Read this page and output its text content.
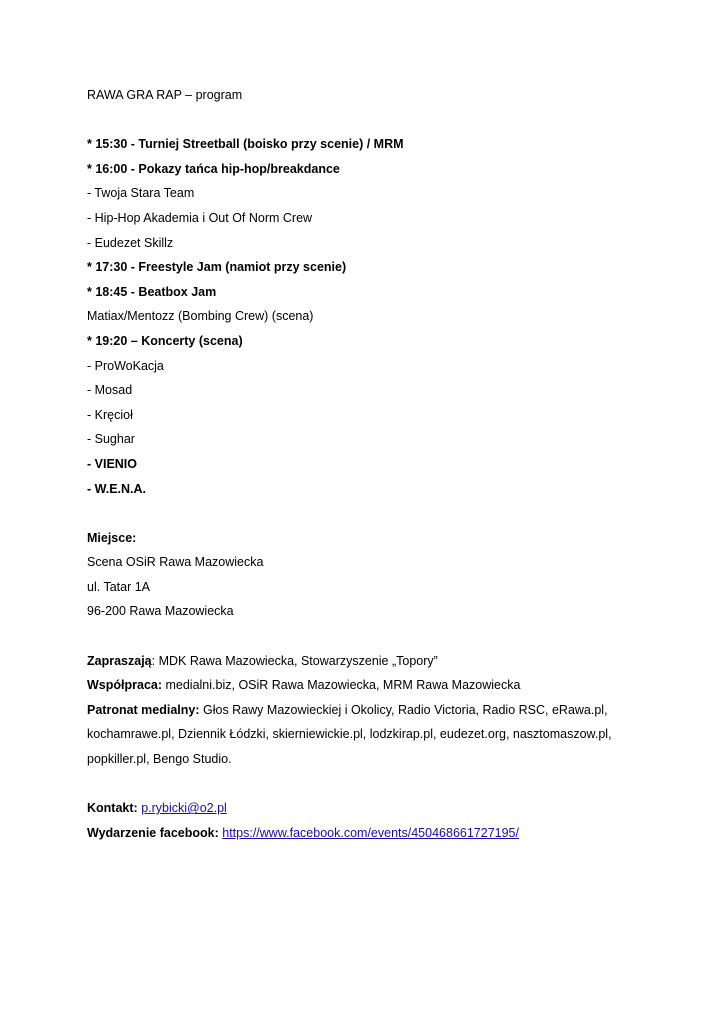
RAWA GRA RAP – program
* 15:30 - Turniej Streetball (boisko przy scenie) / MRM
* 16:00 - Pokazy tańca hip-hop/breakdance
- Twoja Stara Team
- Hip-Hop Akademia i Out Of Norm Crew
- Eudezet Skillz
* 17:30 - Freestyle Jam (namiot przy scenie)
* 18:45 - Beatbox Jam
Matiax/Mentozz (Bombing Crew) (scena)
* 19:20 – Koncerty (scena)
- ProWoKacja
- Mosad
- Kręcioł
- Sughar
- VIENIO
- W.E.N.A.
Miejsce:
Scena OSiR Rawa Mazowiecka
ul. Tatar 1A
96-200 Rawa Mazowiecka
Zapraszają: MDK Rawa Mazowiecka, Stowarzyszenie „Topory”
Współpraca: medialni.biz, OSiR Rawa Mazowiecka, MRM Rawa Mazowiecka
Patronat medialny: Głos Rawy Mazowieckiej i Okolicy, Radio Victoria, Radio RSC, eRawa.pl,
kochamrawe.pl, Dziennik Łódzki, skierniewickie.pl, lodzkirap.pl, eudezet.org, nasztomaszow.pl,
popkiller.pl, Bengo Studio.
Kontakt: p.rybicki@o2.pl
Wydarzenie facebook: https://www.facebook.com/events/450468661727195/
